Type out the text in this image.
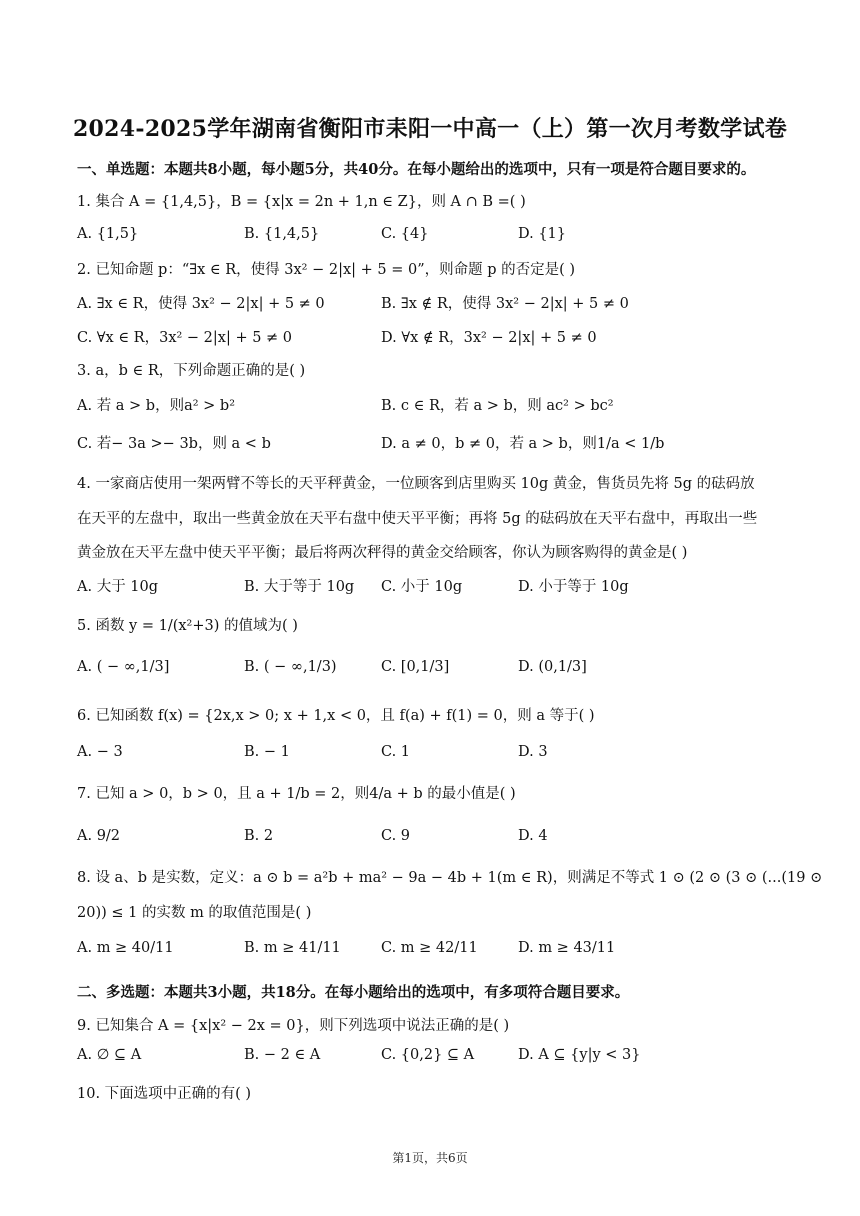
2024-2025学年湖南省衡阳市耒阳一中高一（上）第一次月考数学试卷
一、单选题：本题共8小题，每小题5分，共40分。在每小题给出的选项中，只有一项是符合题目要求的。
1. 集合 A = {1,4,5}，B = {x|x = 2n + 1,n ∈ Z}，则 A ∩ B =( )
A. {1,5}	B. {1,4,5}	C. {4}	D. {1}
2. 已知命题 p：“∃x ∈ R，使得 3x² − 2|x| + 5 = 0”，则命题 p 的否定是( )
A. ∃x ∈ R，使得 3x² − 2|x| + 5 ≠ 0	B. ∃x ∉ R，使得 3x² − 2|x| + 5 ≠ 0
C. ∀x ∈ R，3x² − 2|x| + 5 ≠ 0	D. ∀x ∉ R，3x² − 2|x| + 5 ≠ 0
3. a，b ∈ R，下列命题正确的是( )
A. 若 a > b，则a² > b²	B. c ∈ R，若 a > b，则 ac² > bc²
C. 若− 3a >− 3b，则 a < b	D. a ≠ 0，b ≠ 0，若 a > b，则1/a < 1/b
4. 一家商店使用一架两臂不等长的天平秤黄金，一位顾客到店里购买 10g 黄金，售货员先将 5g 的砝码放
在天平的左盘中，取出一些黄金放在天平右盘中使天平平衡；再将 5g 的砝码放在天平右盘中，再取出一些
黄金放在天平左盘中使天平平衡；最后将两次秤得的黄金交给顾客，你认为顾客购得的黄金是( )
A. 大于 10g	B. 大于等于 10g C. 小于 10g	D. 小于等于 10g
5. 函数 y = 1/(x²+3) 的值域为( )
A. ( − ∞,1/3]	B. ( − ∞,1/3)	C. [0,1/3]	D. (0,1/3]
6. 已知函数 f(x) = {2x,x > 0; x + 1,x < 0，且 f(a) + f(1) = 0，则 a 等于( )
A. − 3	B. − 1	C. 1	D. 3
7. 已知 a > 0，b > 0，且 a + 1/b = 2，则4/a + b 的最小值是( )
A. 9/2	B. 2	C. 9	D. 4
8. 设 a、b 是实数，定义：a ⊙ b = a²b + ma² − 9a − 4b + 1(m ∈ R)，则满足不等式 1 ⊙ (2 ⊙ (3 ⊙ (...(19 ⊙
20)) ≤ 1 的实数 m 的取值范围是( )
A. m ≥ 40/11	B. m ≥ 41/11	C. m ≥ 42/11	D. m ≥ 43/11
二、多选题：本题共3小题，共18分。在每小题给出的选项中，有多项符合题目要求。
9. 已知集合 A = {x|x² − 2x = 0}，则下列选项中说法正确的是( )
A. ∅ ⊆ A	B. − 2 ∈ A	C. {0,2} ⊆ A	D. A ⊆ {y|y < 3}
10. 下面选项中正确的有( )
第1页，共6页
